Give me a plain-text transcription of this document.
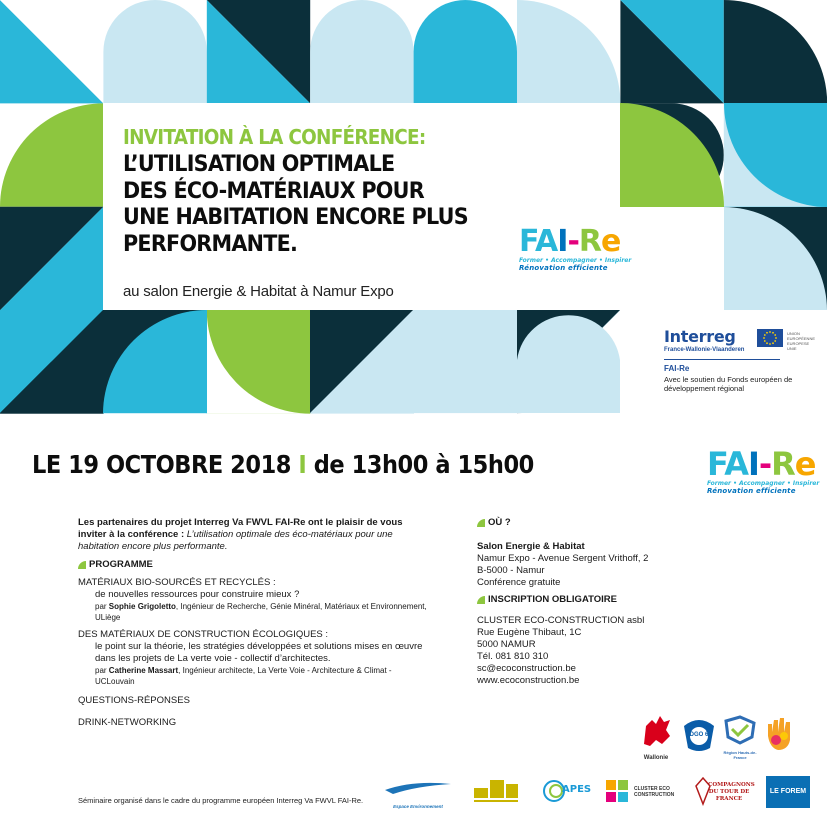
INVITATION À LA CONFÉRENCE:
L’UTILISATION OPTIMALE
DES ÉCO-MATÉRIAUX POUR
UNE HABITATION ENCORE PLUS
PERFORMANTE.
au salon Energie & Habitat à Namur Expo
FAI-Re
Former • Accompagner • Inspirer
Rénovation efficiente
Interreg
France-Wallonie-Vlaanderen
UNION EUROPÉENNE EUROPESE UNIE
FAI-Re
Avec le soutien du Fonds européen de développement régional
LE 19 OCTOBRE 2018 I de 13h00 à 15h00	FAI-Re
Former • Accompagner • Inspirer
Rénovation efficiente
Les partenaires du projet Interreg Va FWVL FAI-Re ont le plaisir de vous inviter à la conférence : L’utilisation optimale des éco-matériaux pour une habitation encore plus performante.
PROGRAMME
MATÉRIAUX BIO-SOURCÉS ET RECYCLÉS :
de nouvelles ressources pour construire mieux ?
par Sophie Grigoletto, Ingénieur de Recherche, Génie Minéral, Matériaux et Environnement, ULiège
DES MATÉRIAUX DE CONSTRUCTION ÉCOLOGIQUES :
le point sur la théorie, les stratégies développées et solutions mises en œuvre dans les projets de La verte voie - collectif d’architectes.
par Catherine Massart, Ingénieur architecte, La Verte Voie - Architecture & Climat - UCLouvain
QUESTIONS-RÉPONSES
DRINK-NETWORKING
OÙ ?
Salon Energie & Habitat
Namur Expo - Avenue Sergent Vrithoff, 2
B-5000 - Namur
Conférence gratuite
INSCRIPTION OBLIGATOIRE
CLUSTER ECO-CONSTRUCTION asbl
Rue Eugène Thibaut, 1C
5000 NAMUR
Tél. 081 810 310
sc@ecoconstruction.be
www.ecoconstruction.be
Wallonie
DGO 6
Région Hauts-de-France
Espace Environnement
APES	CLUSTER ECO CONSTRUCTION
COMPAGNONS DU TOUR DE FRANCE
LE FOREM
Séminaire organisé dans le cadre du programme européen Interreg Va FWVL FAI-Re.
